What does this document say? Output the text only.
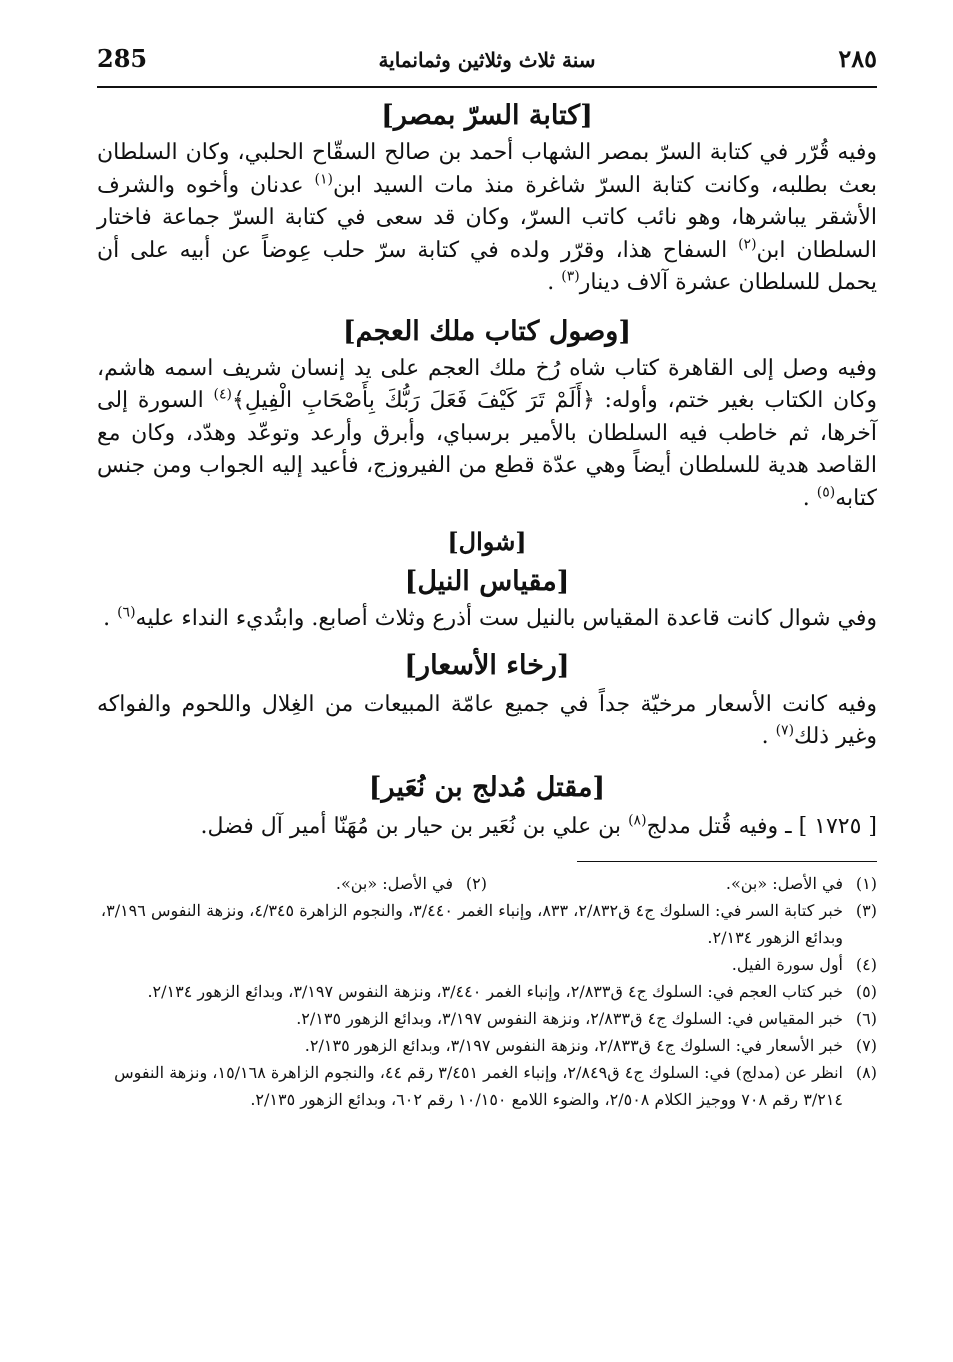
285	سنة ثلاث وثلاثين وثمانماية	٢٨٥
[كتابة السرّ بمصر]

وفيه قُرّر في كتابة السرّ بمصر الشهاب أحمد بن صالح السقّاح الحلبي، وكان السلطان بعث بطلبه، وكانت كتابة السرّ شاغرة منذ مات السيد ابن$^{(١)}$ عدنان وأخوه والشرف الأشقر يباشرها، وهو نائب كاتب السرّ، وكان قد سعى في كتابة السرّ جماعة فاختار السلطان ابن$^{(٢)}$ السفاح هذا، وقرّر ولده في كتابة سرّ حلب عِوضاً عن أبيه على أن يحمل للسلطان عشرة آلاف دينار$^{(٣)}$ .

[وصول كتاب ملك العجم]

وفيه وصل إلى القاهرة كتاب شاه رُخ ملك العجم على يد إنسان شريف اسمه هاشم، وكان الكتاب بغير ختم، وأوله: ﴿أَلَمْ تَرَ كَيْفَ فَعَلَ رَبُّكَ بِأَصْحَابِ الْفِيلِ﴾$^{(٤)}$ السورة إلى آخرها، ثم خاطب فيه السلطان بالأمير برسباي، وأبرق وأرعد وتوعّد وهدّد، وكان مع القاصد هدية للسلطان أيضاً وهي عدّة قطع من الفيروزج، فأعيد إليه الجواب ومن جنس كتابه$^{(٥)}$ .

[شوال]
[مقياس النيل]

وفي شوال كانت قاعدة المقياس بالنيل ست أذرع وثلاث أصابع. وابتُديء النداء عليه$^{(٦)}$ .

[رخاء الأسعار]

وفيه كانت الأسعار مرخيّة جداً في جميع عامّة المبيعات من الغِلال واللحوم والفواكه وغير ذلك$^{(٧)}$ .

[مقتل مُدلج بن نُعَير]

[ ١٧٢٥ ] ـ وفيه قُتل مدلج$^{(٨)}$ بن علي بن نُعَير بن حيار بن مُهَنّا أمير آل فضل.

(١)
في الأصل: «بن».
(٢)
في الأصل: «بن».
(٣)
خبر كتابة السر في: السلوك ج٤ ق٢/٨٣٢، ٨٣٣، وإنباء الغمر ٣/٤٤٠، والنجوم الزاهرة ٤/٣٤٥، ونزهة النفوس ٣/١٩٦، وبدائع الزهور ٢/١٣٤.
(٤)
أول سورة الفيل.
(٥)
خبر كتاب العجم في: السلوك ج٤ ق٢/٨٣٣، وإنباء الغمر ٣/٤٤٠، ونزهة النفوس ٣/١٩٧، وبدائع الزهور ٢/١٣٤.
(٦)
خبر المقياس في: السلوك ج٤ ق٢/٨٣٣، ونزهة النفوس ٣/١٩٧، وبدائع الزهور ٢/١٣٥.
(٧)
خبر الأسعار في: السلوك ج٤ ق٢/٨٣٣، ونزهة النفوس ٣/١٩٧، وبدائع الزهور ٢/١٣٥.
(٨)
انظر عن (مدلج) في: السلوك ج٤ ق٢/٨٤٩، وإنباء الغمر ٣/٤٥١ رقم ٤٤، والنجوم الزاهرة ١٥/١٦٨، ونزهة النفوس ٣/٢١٤ رقم ٧٠٨ ووجيز الكلام ٢/٥٠٨، والضوء اللامع ١٠/١٥٠ رقم ٦٠٢، وبدائع الزهور ٢/١٣٥.
